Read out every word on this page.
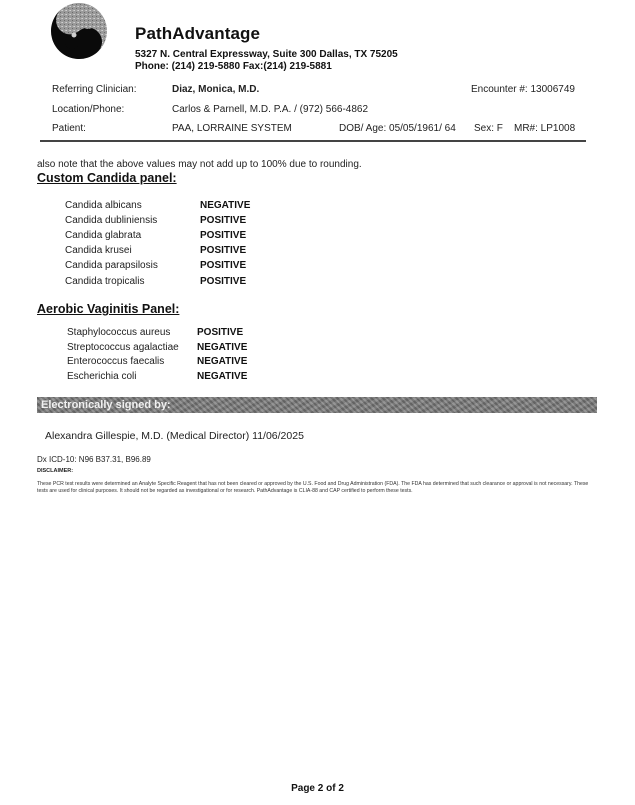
PathAdvantage
5327 N. Central Expressway, Suite 300 Dallas, TX 75205
Phone: (214) 219-5880 Fax:(214) 219-5881
Referring Clinician:	Diaz, Monica, M.D.	Encounter #: 13006749
Location/Phone:	Carlos & Parnell, M.D. P.A. / (972) 566-4862
Patient:	PAA, LORRAINE SYSTEM	DOB/ Age: 05/05/1961/ 64 Sex: F MR#: LP1008
also note that the above values may not add up to 100% due to rounding.
Custom Candida panel:
Candida albicans	NEGATIVE
Candida dubliniensis	POSITIVE
Candida glabrata	POSITIVE
Candida krusei	POSITIVE
Candida parapsilosis	POSITIVE
Candida tropicalis	POSITIVE
Aerobic Vaginitis Panel:
Staphylococcus aureus	POSITIVE
Streptococcus agalactiae NEGATIVE
Enterococcus faecalis	NEGATIVE
Escherichia coli	NEGATIVE
Electronically signed by:
Alexandra Gillespie, M.D. (Medical Director) 11/06/2025
Dx ICD-10: N96 B37.31, B96.89
DISCLAIMER:
These PCR test results were determined an Analyte Specific Reagent that has not been cleared or approved by the U.S. Food and Drug Administration (FDA). The FDA has determined that such clearance or approval is not necessary. These tests are used for clinical purposes. It should not be regarded as investigational or for research. PathAdvantage is CLIA-88 and CAP certified to perform these tests.
Page 2 of 2
